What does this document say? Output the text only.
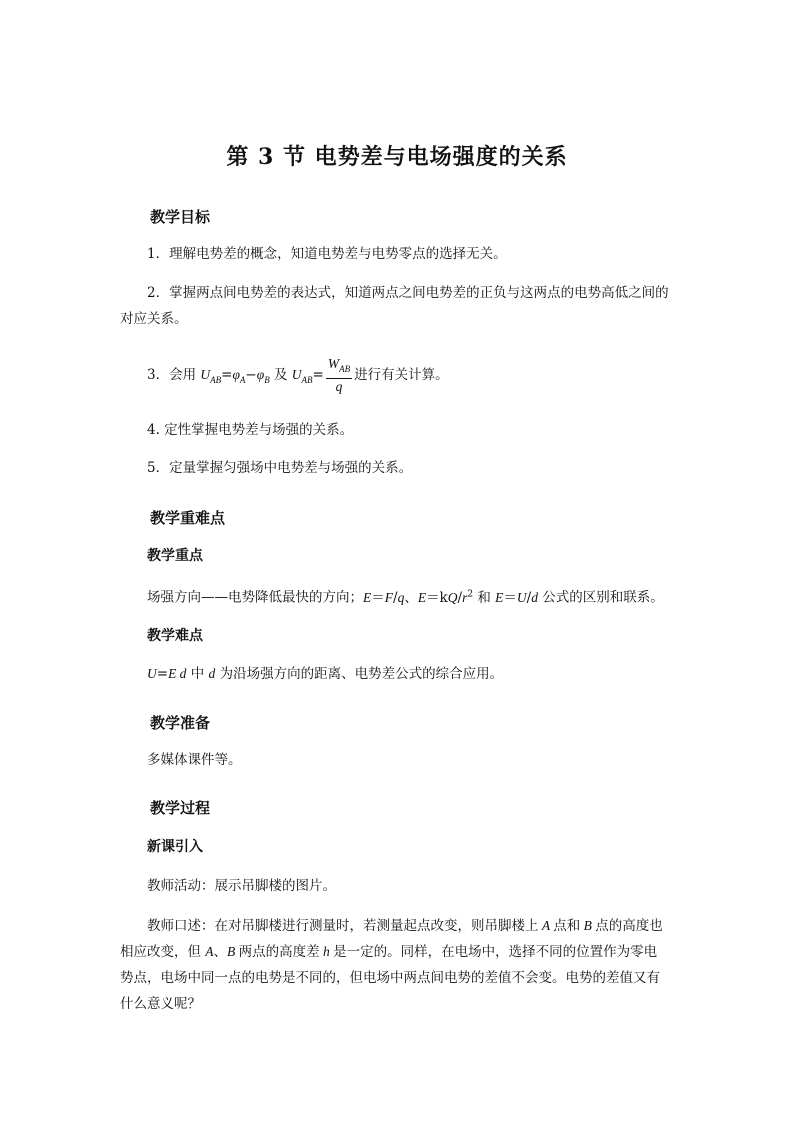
第 3 节 电势差与电场强度的关系
教学目标
1．理解电势差的概念，知道电势差与电势零点的选择无关。
2．掌握两点间电势差的表达式，知道两点之间电势差的正负与这两点的电势高低之间的对应关系。
3．会用 $U_{AB}=\varphi_A-\varphi_B$ 及 $U_{AB}= \frac{W_{AB}}{q}$ 进行有关计算。
4. 定性掌握电势差与场强的关系。
5．定量掌握匀强场中电势差与场强的关系。
教学重难点
教学重点
场强方向——电势降低最快的方向；E＝F/q、$E=kQ/r^2$ 和 E＝U/d 公式的区别和联系。
教学难点
U=E d 中 d 为沿场强方向的距离、电势差公式的综合应用。
教学准备
多媒体课件等。
教学过程
新课引入
教师活动：展示吊脚楼的图片。
教师口述：在对吊脚楼进行测量时，若测量起点改变，则吊脚楼上 A 点和 B 点的高度也相应改变，但 A、B 两点的高度差 h 是一定的。同样，在电场中，选择不同的位置作为零电势点，电场中同一点的电势是不同的，但电场中两点间电势的差值不会变。电势的差值又有什么意义呢？
